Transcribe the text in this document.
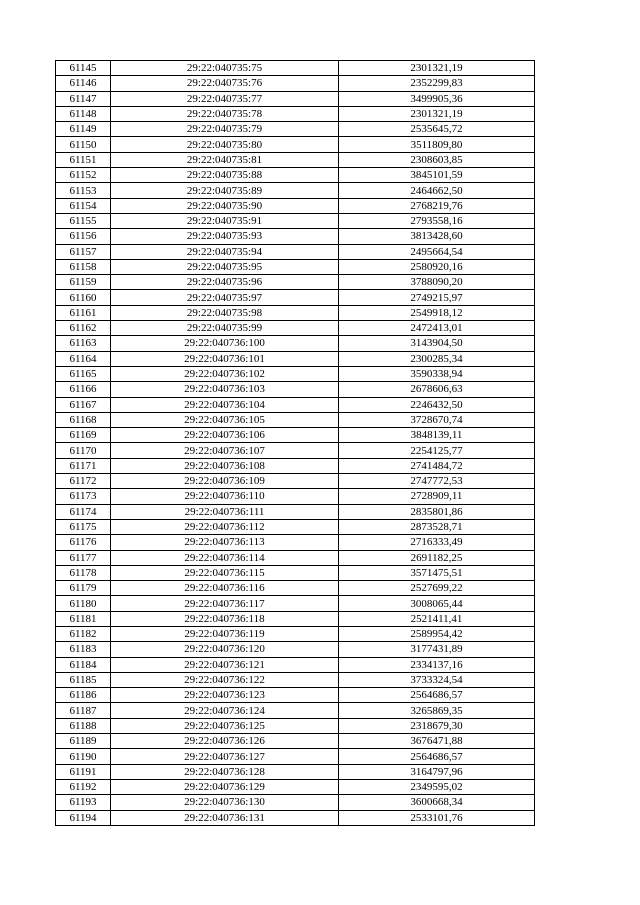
61145	29:22:040735:75	2301321,19
61146	29:22:040735:76	2352299,83
61147	29:22:040735:77	3499905,36
61148	29:22:040735:78	2301321,19
61149	29:22:040735:79	2535645,72
61150	29:22:040735:80	3511809,80
61151	29:22:040735:81	2308603,85
61152	29:22:040735:88	3845101,59
61153	29:22:040735:89	2464662,50
61154	29:22:040735:90	2768219,76
61155	29:22:040735:91	2793558,16
61156	29:22:040735:93	3813428,60
61157	29:22:040735:94	2495664,54
61158	29:22:040735:95	2580920,16
61159	29:22:040735:96	3788090,20
61160	29:22:040735:97	2749215,97
61161	29:22:040735:98	2549918,12
61162	29:22:040735:99	2472413,01
61163	29:22:040736:100	3143904,50
61164	29:22:040736:101	2300285,34
61165	29:22:040736:102	3590338,94
61166	29:22:040736:103	2678606,63
61167	29:22:040736:104	2246432,50
61168	29:22:040736:105	3728670,74
61169	29:22:040736:106	3848139,11
61170	29:22:040736:107	2254125,77
61171	29:22:040736:108	2741484,72
61172	29:22:040736:109	2747772,53
61173	29:22:040736:110	2728909,11
61174	29:22:040736:111	2835801,86
61175	29:22:040736:112	2873528,71
61176	29:22:040736:113	2716333,49
61177	29:22:040736:114	2691182,25
61178	29:22:040736:115	3571475,51
61179	29:22:040736:116	2527699,22
61180	29:22:040736:117	3008065,44
61181	29:22:040736:118	2521411,41
61182	29:22:040736:119	2589954,42
61183	29:22:040736:120	3177431,89
61184	29:22:040736:121	2334137,16
61185	29:22:040736:122	3733324,54
61186	29:22:040736:123	2564686,57
61187	29:22:040736:124	3265869,35
61188	29:22:040736:125	2318679,30
61189	29:22:040736:126	3676471,88
61190	29:22:040736:127	2564686,57
61191	29:22:040736:128	3164797,96
61192	29:22:040736:129	2349595,02
61193	29:22:040736:130	3600668,34
61194	29:22:040736:131	2533101,76
